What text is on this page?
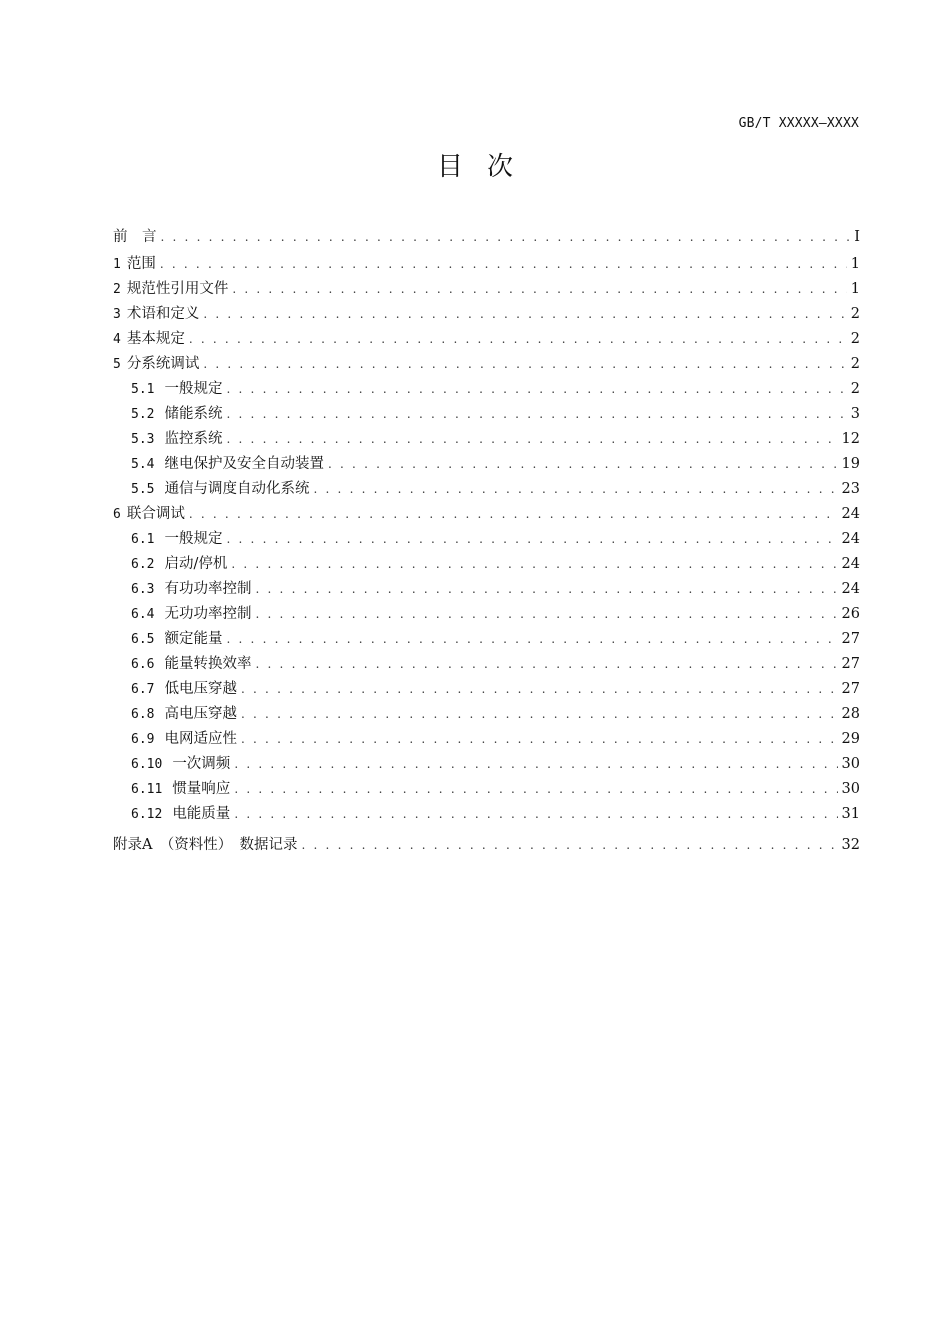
GB/T XXXXX—XXXX
目 次
前　言 . . .	I
1 范围 . . .	1
2 规范性引用文件 . . .	1
3 术语和定义 . . .	2
4 基本规定 . . .	2
5 分系统调试 . . .	2
5.1 一般规定 . . .	2
5.2 储能系统 . . .	3
5.3 监控系统 . . .	12
5.4 继电保护及安全自动装置 . . .	19
5.5 通信与调度自动化系统 . . .	23
6 联合调试 . . .	24
6.1 一般规定 . . .	24
6.2 启动/停机 . . .	24
6.3 有功功率控制 . . .	24
6.4 无功功率控制 . . .	26
6.5 额定能量 . . .	27
6.6 能量转换效率 . . .	27
6.7 低电压穿越 . . .	27
6.8 高电压穿越 . . .	28
6.9 电网适应性 . . .	29
6.10 一次调频 . . .	30
6.11 惯量响应 . . .	30
6.12 电能质量 . . .	31
附录A　（资料性）　数据记录 . . .	32
